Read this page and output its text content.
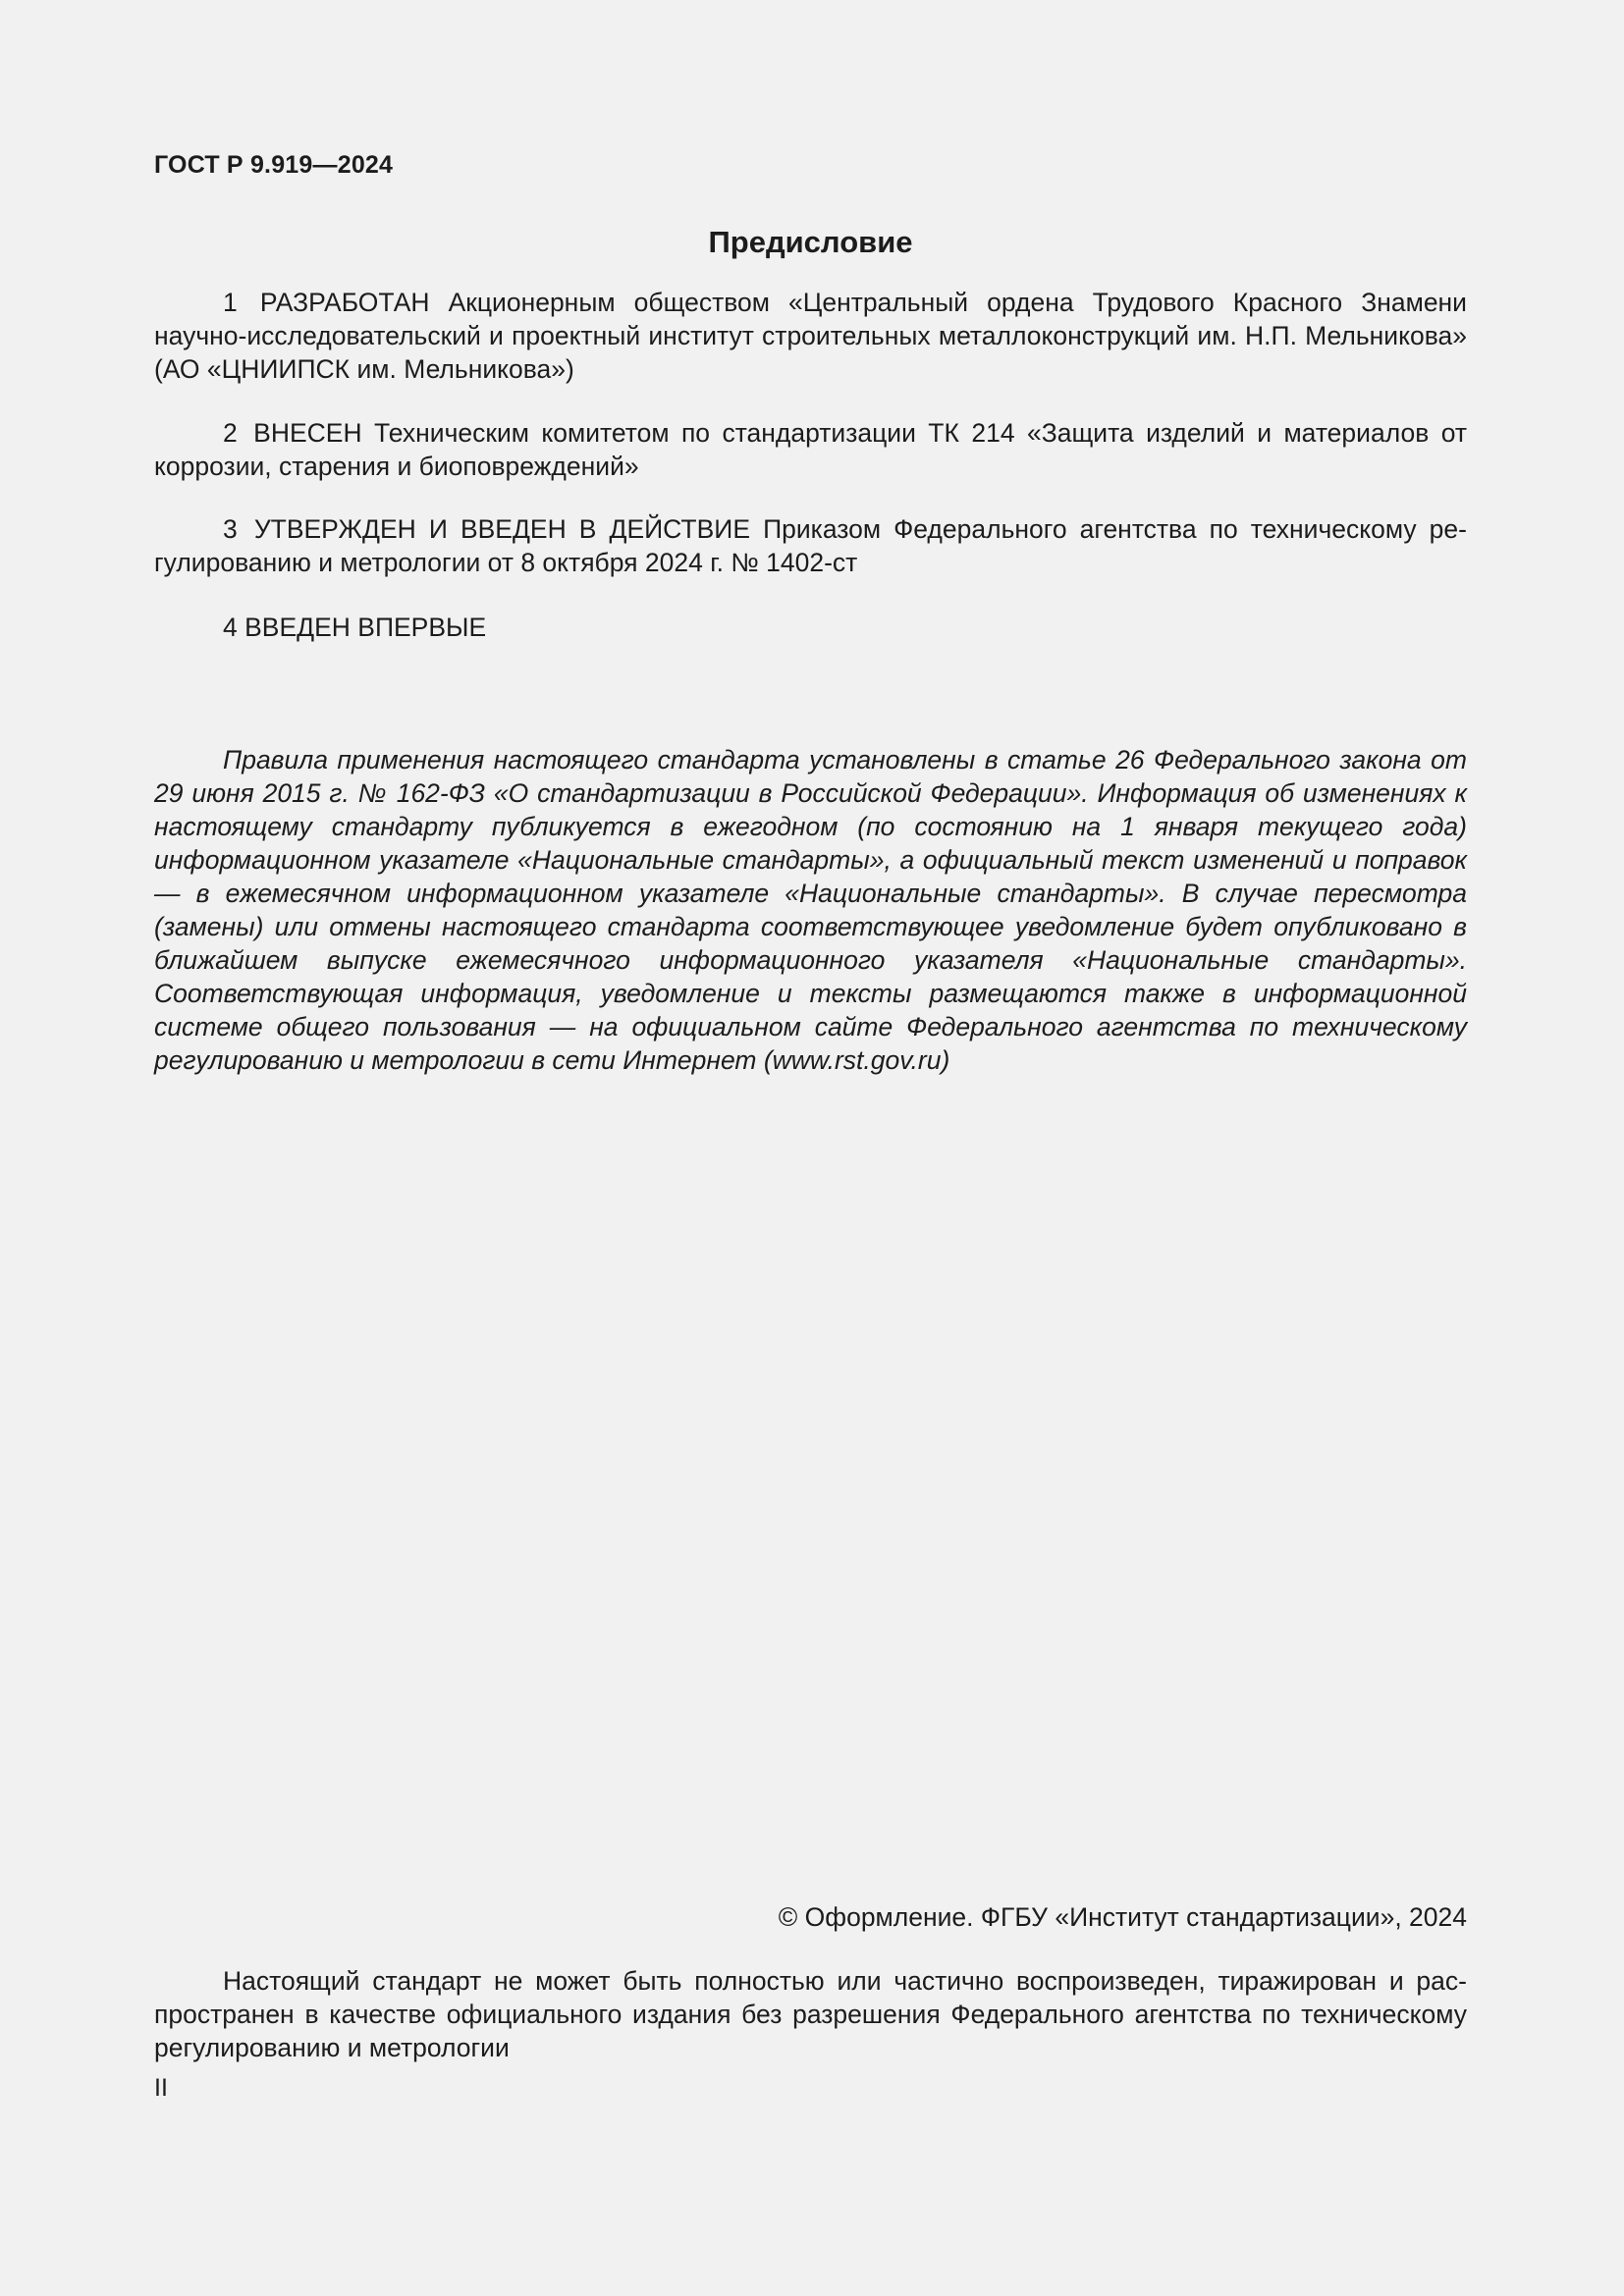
ГОСТ Р 9.919—2024
Предисловие

1 РАЗРАБОТАН Акционерным обществом «Центральный ордена Трудового Красного Знамени научно-исследовательский и проектный институт строительных металлоконструкций им. Н.П. Мельникова» (АО «ЦНИИПСК им. Мельникова»)

2 ВНЕСЕН Техническим комитетом по стандартизации ТК 214 «Защита изделий и материалов от коррозии, старения и биоповреждений»

3 УТВЕРЖДЕН И ВВЕДЕН В ДЕЙСТВИЕ Приказом Федерального агентства по техническому регулированию и метрологии от 8 октября 2024 г. № 1402-ст

4 ВВЕДЕН ВПЕРВЫЕ

Правила применения настоящего стандарта установлены в статье 26 Федерального закона от 29 июня 2015 г. № 162-ФЗ «О стандартизации в Российской Федерации». Информация об изменениях к настоящему стандарту публикуется в ежегодном (по состоянию на 1 января текущего года) информационном указателе «Национальные стандарты», а официальный текст изменений и поправок — в ежемесячном информационном указателе «Национальные стандарты». В случае пересмотра (замены) или отмены настоящего стандарта соответствующее уведомление будет опубликовано в ближайшем выпуске ежемесячного информационного указателя «Национальные стандарты». Соответствующая информация, уведомление и тексты размещаются также в информационной системе общего пользования — на официальном сайте Федерального агентства по техническому регулированию и метрологии в сети Интернет (www.rst.gov.ru)

© Оформление. ФГБУ «Институт стандартизации», 2024

Настоящий стандарт не может быть полностью или частично воспроизведен, тиражирован и распространен в качестве официального издания без разрешения Федерального агентства по техническому регулированию и метрологии

II
